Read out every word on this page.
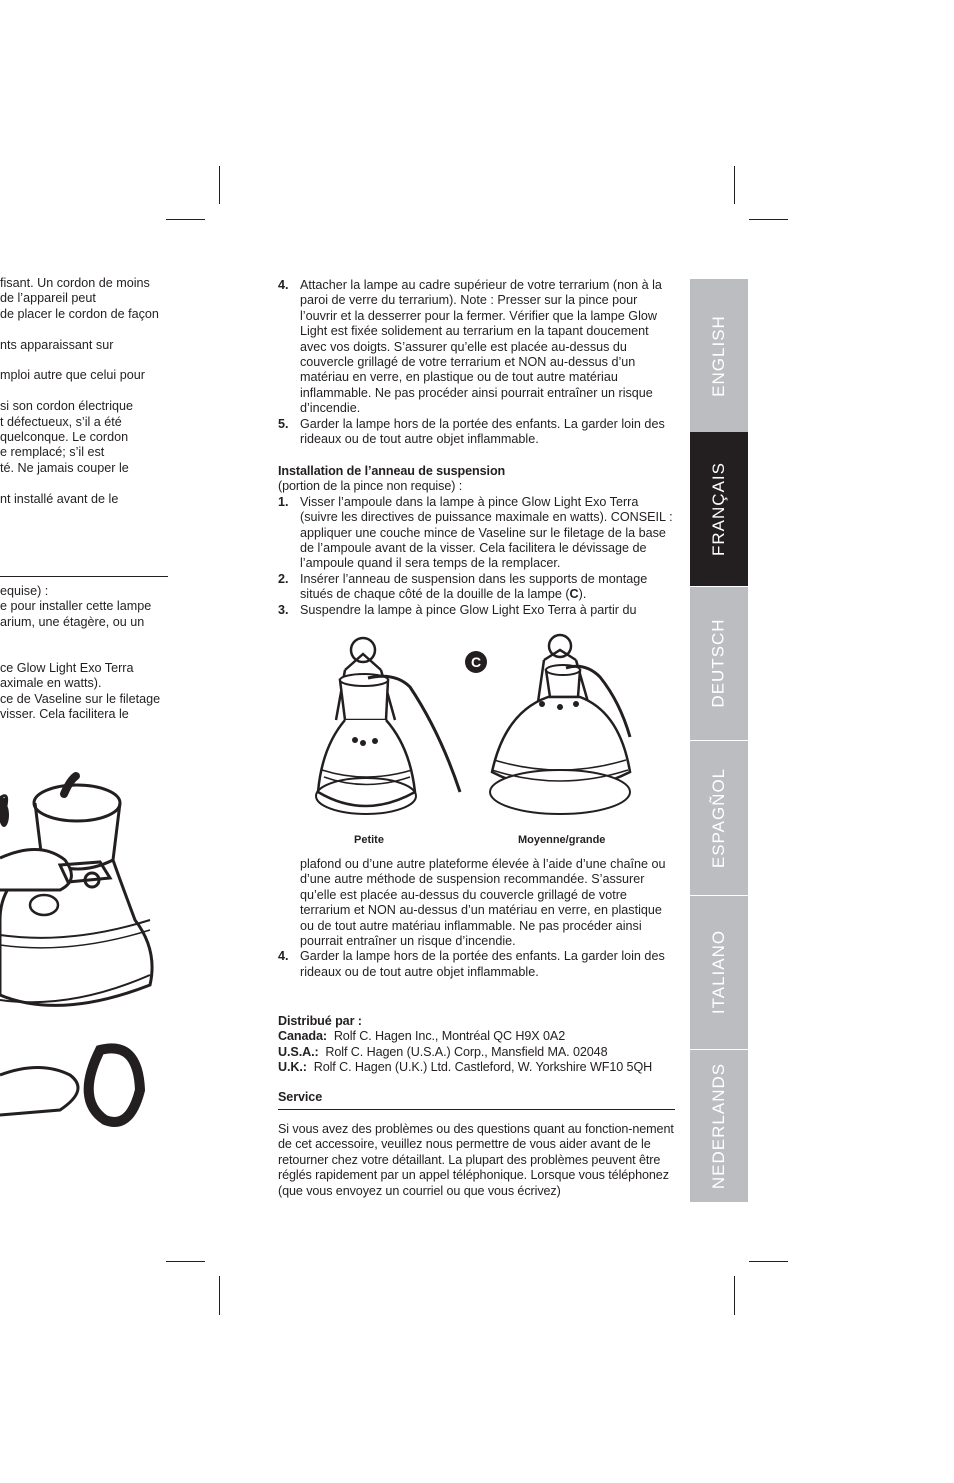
fisant. Un cordon de moins
de l’appareil peut
de placer le cordon de façon
nts apparaissant sur
mploi autre que celui pour
si son cordon électrique
t défectueux, s’il a été
quelconque. Le cordon
e remplacé; s’il est
té. Ne jamais couper le
nt installé avant de le
equise) :
e pour installer cette lampe
arium, une étagère, ou un
ce Glow Light Exo Terra
aximale en watts).
ce de Vaseline sur le filetage
visser. Cela facilitera le
4. Attacher la lampe au cadre supérieur de votre terrarium (non à la paroi de verre du terrarium). Note : Presser sur la pince pour l’ouvrir et la desserrer pour la fermer. Vérifier que la lampe Glow Light est fixée solidement au terrarium en la tapant doucement avec vos doigts. S’assurer qu’elle est placée au-dessus du couvercle grillagé de votre terrarium et NON au-dessus d’un matériau en verre, en plastique ou de tout autre matériau inflammable. Ne pas procéder ainsi pourrait entraîner un risque d’incendie.
5. Garder la lampe hors de la portée des enfants. La garder loin des rideaux ou de tout autre objet inflammable.
Installation de l’anneau de suspension
(portion de la pince non requise) :
1. Visser l’ampoule dans la lampe à pince Glow Light Exo Terra (suivre les directives de puissance maximale en watts). CONSEIL : appliquer une couche mince de Vaseline sur le filetage de la base de l’ampoule avant de la visser. Cela facilitera le dévissage de l’ampoule quand il sera temps de la remplacer.
2. Insérer l’anneau de suspension dans les supports de montage situés de chaque côté de la douille de la lampe (C).
3. Suspendre la lampe à pince Glow Light Exo Terra à partir du
C
Petite	Moyenne/grande
plafond ou d’une autre plateforme élevée à l’aide d’une chaîne ou d’une autre méthode de suspension recommandée. S’assurer qu’elle est placée au-dessus du couvercle grillagé de votre terrarium et NON au-dessus d’un matériau en verre, en plastique ou de tout autre matériau inflammable. Ne pas procéder ainsi pourrait entraîner un risque d’incendie.
4. Garder la lampe hors de la portée des enfants. La garder loin des rideaux ou de tout autre objet inflammable.
Distribué par :
Canada: Rolf C. Hagen Inc., Montréal QC H9X 0A2
U.S.A.: Rolf C. Hagen (U.S.A.) Corp., Mansfield MA. 02048
U.K.: Rolf C. Hagen (U.K.) Ltd. Castleford, W. Yorkshire WF10 5QH
Service
Si vous avez des problèmes ou des questions quant au fonction-nement de cet accessoire, veuillez nous permettre de vous aider avant de le retourner chez votre détaillant. La plupart des problèmes peuvent être réglés rapidement par un appel téléphonique. Lorsque vous téléphonez (que vous envoyez un courriel ou que vous écrivez)
ENGLISH
FRANÇAIS
DEUTSCH
ESPAGÑOL
ITALIANO
NEDERLANDS
